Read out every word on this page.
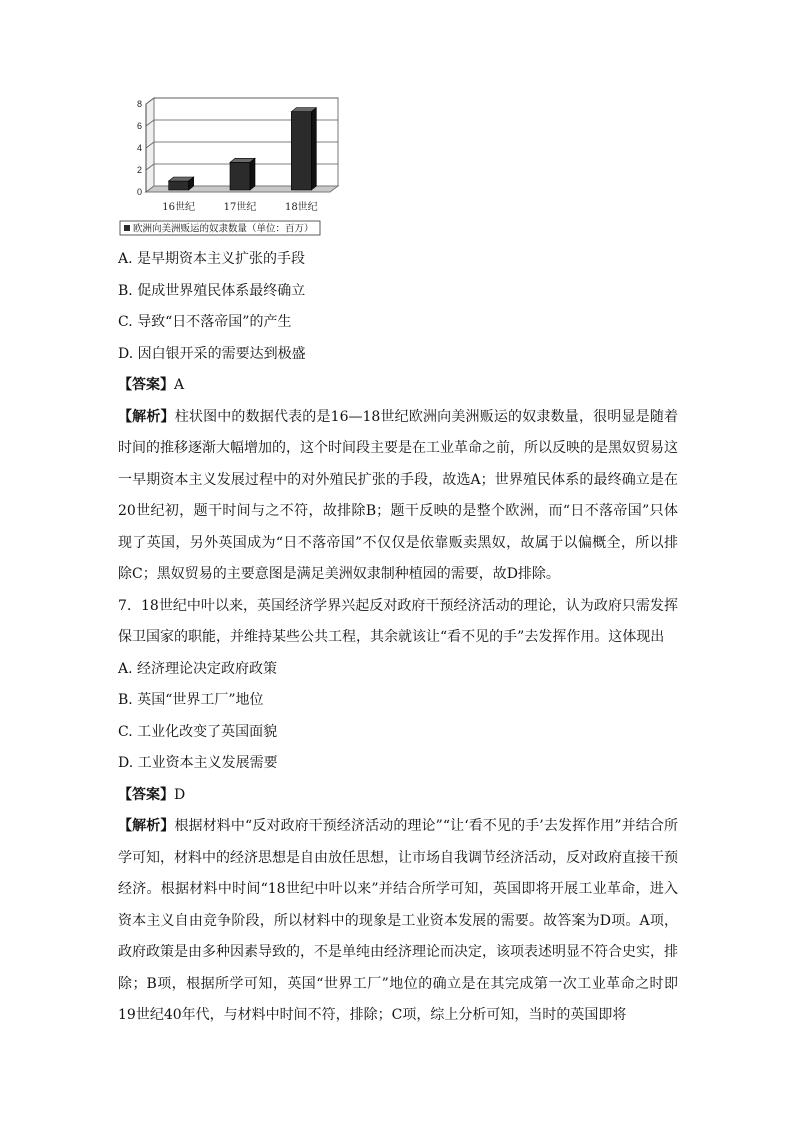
0
2
4
6
8
16世纪	17世纪	18世纪
欧洲向美洲贩运的奴隶数量（单位：百万）
A. 是早期资本主义扩张的手段
B. 促成世界殖民体系最终确立
C. 导致“日不落帝国”的产生
D. 因白银开采的需要达到极盛
【答案】A
【解析】柱状图中的数据代表的是16—18世纪欧洲向美洲贩运的奴隶数量，很明显是随着时间的推移逐渐大幅增加的，这个时间段主要是在工业革命之前，所以反映的是黑奴贸易这一早期资本主义发展过程中的对外殖民扩张的手段，故选A；世界殖民体系的最终确立是在20世纪初，题干时间与之不符，故排除B；题干反映的是整个欧洲，而“日不落帝国”只体现了英国，另外英国成为“日不落帝国”不仅仅是依靠贩卖黑奴，故属于以偏概全，所以排除C；黑奴贸易的主要意图是满足美洲奴隶制种植园的需要，故D排除。
7．18世纪中叶以来，英国经济学界兴起反对政府干预经济活动的理论，认为政府只需发挥保卫国家的职能，并维持某些公共工程，其余就该让“看不见的手”去发挥作用。这体现出
A. 经济理论决定政府政策
B. 英国“世界工厂”地位
C. 工业化改变了英国面貌
D. 工业资本主义发展需要
【答案】D
【解析】根据材料中“反对政府干预经济活动的理论”“让‘看不见的手’去发挥作用”并结合所学可知，材料中的经济思想是自由放任思想，让市场自我调节经济活动，反对政府直接干预经济。根据材料中时间“18世纪中叶以来”并结合所学可知，英国即将开展工业革命，进入资本主义自由竞争阶段，所以材料中的现象是工业资本发展的需要。故答案为D项。A项，政府政策是由多种因素导致的，不是单纯由经济理论而决定，该项表述明显不符合史实，排除；B项，根据所学可知，英国“世界工厂”地位的确立是在其完成第一次工业革命之时即19世纪40年代，与材料中时间不符，排除；C项，综上分析可知，当时的英国即将
